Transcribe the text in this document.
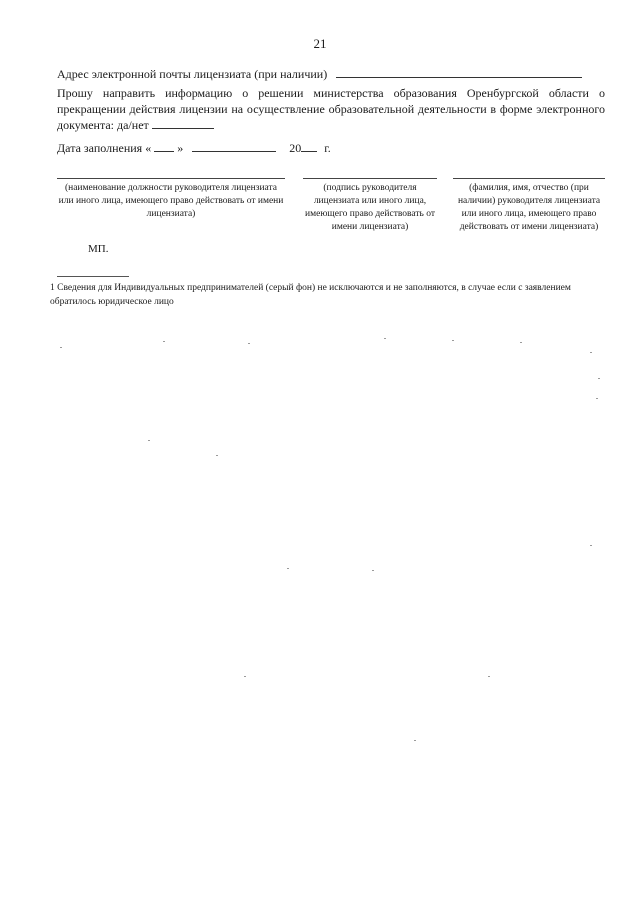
21
Адрес электронной почты лицензиата (при наличии)
Прошу направить информацию о решении министерства образования Оренбургской области о прекращении действия лицензии на осуществление образовательной деятельности в форме электронного документа: да/нет
Дата заполнения « »	20 г.
(наименование должности руководителя лицензиата или иного лица, имеющего право действовать от имени лицензиата)
(подпись руководителя лицензиата или иного лица, имеющего право действовать от имени лицензиата)
(фамилия, имя, отчество (при наличии) руководителя лицензиата или иного лица, имеющего право действовать от имени лицензиата)
МП.
1 Сведения для Индивидуальных предпринимателей (серый фон) не исключаются и не заполняются, в случае если с заявлением обратилось юридическое лицо
